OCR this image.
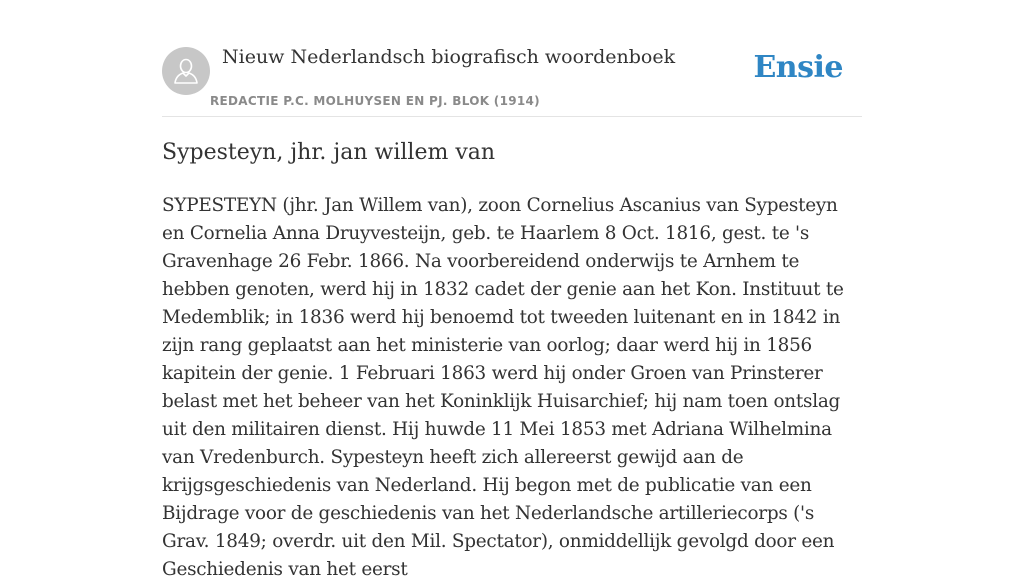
Nieuw Nederlandsch biografisch woordenboek
REDACTIE P.C. MOLHUYSEN EN PJ. BLOK (1914)
Ensie
Sypesteyn, jhr. jan willem van

SYPESTEYN (jhr. Jan Willem van), zoon Cornelius Ascanius van Sypesteyn en Cornelia Anna Druyvesteijn, geb. te Haarlem 8 Oct. 1816, gest. te 's Gravenhage 26 Febr. 1866. Na voorbereidend onderwijs te Arnhem te hebben genoten, werd hij in 1832 cadet der genie aan het Kon. Instituut te Medemblik; in 1836 werd hij benoemd tot tweeden luitenant en in 1842 in zijn rang geplaatst aan het ministerie van oorlog; daar werd hij in 1856 kapitein der genie. 1 Februari 1863 werd hij onder Groen van Prinsterer belast met het beheer van het Koninklijk Huisarchief; hij nam toen ontslag uit den militairen dienst. Hij huwde 11 Mei 1853 met Adriana Wilhelmina van Vredenburch. Sypesteyn heeft zich allereerst gewijd aan de krijgsgeschiedenis van Nederland. Hij begon met de publicatie van een Bijdrage voor de geschiedenis van het Nederlandsche artilleriecorps ('s Grav. 1849; overdr. uit den Mil. Spectator), onmiddellijk gevolgd door een Geschiedenis van het eerst
